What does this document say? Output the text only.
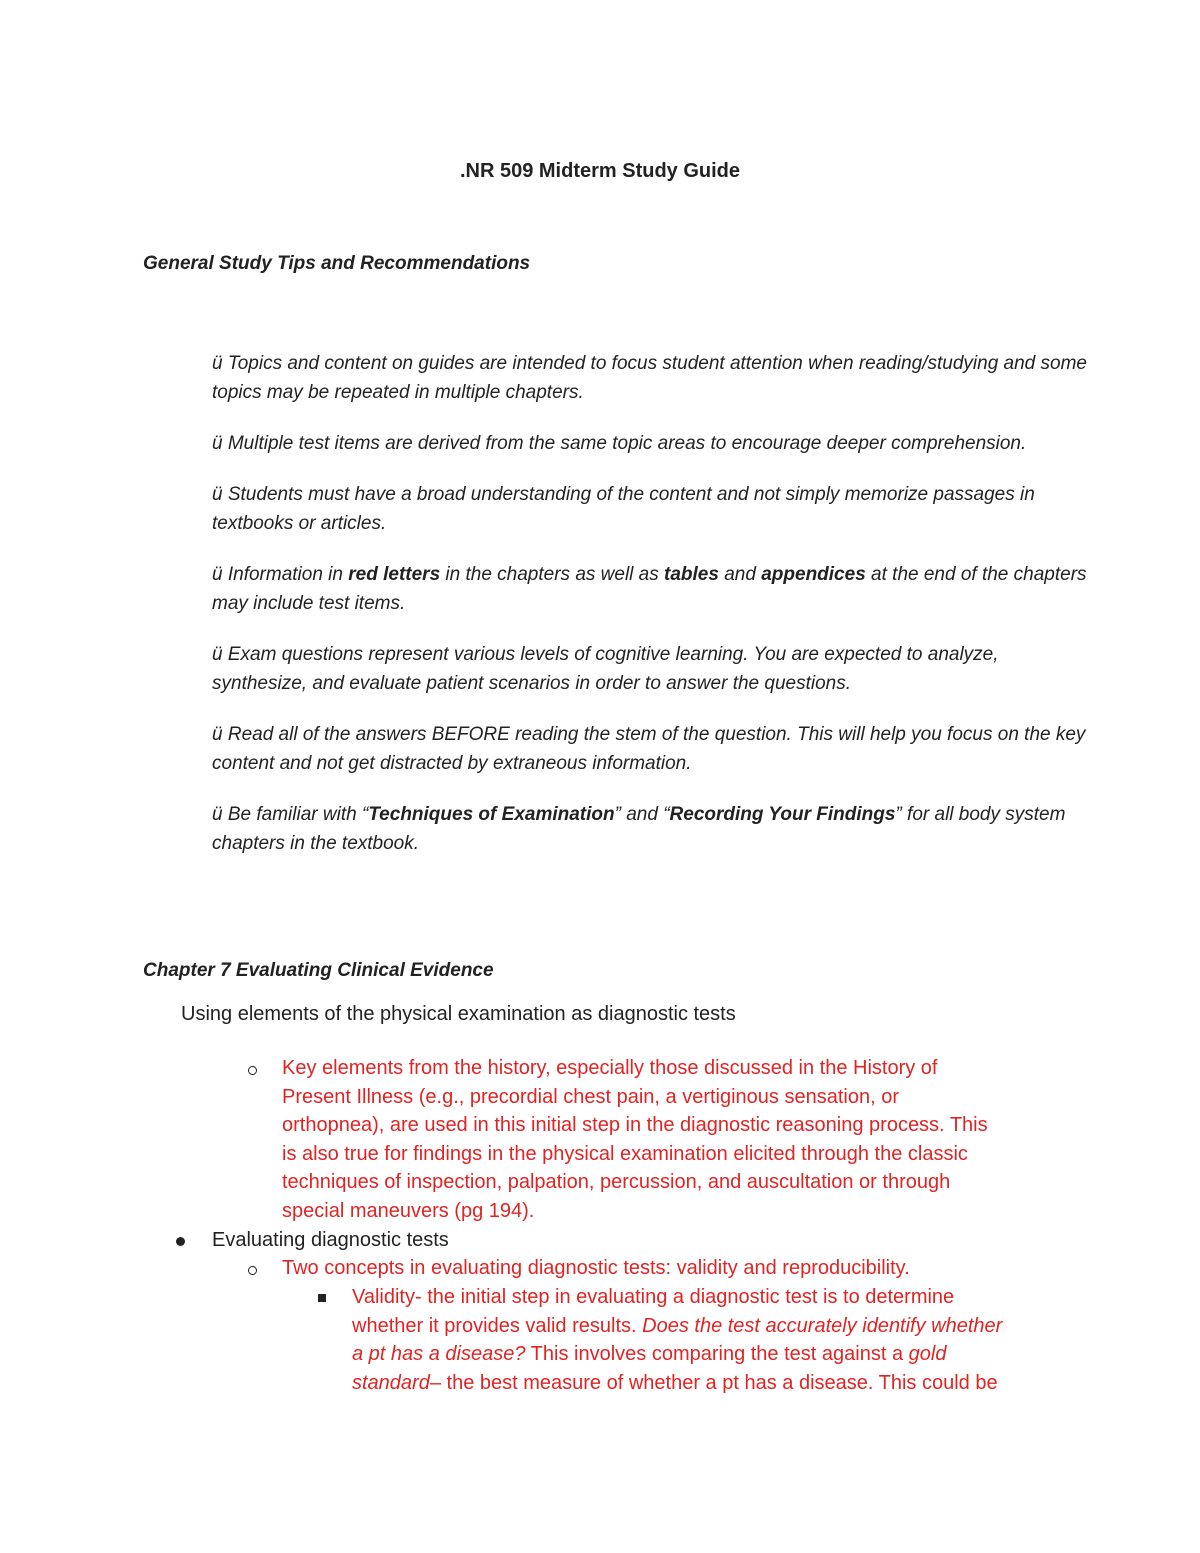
.NR 509 Midterm Study Guide
General Study Tips and Recommendations

ü Topics and content on guides are intended to focus student attention when reading/studying and some topics may be repeated in multiple chapters.

ü Multiple test items are derived from the same topic areas to encourage deeper comprehension.

ü Students must have a broad understanding of the content and not simply memorize passages in textbooks or articles.

ü Information in red letters in the chapters as well as tables and appendices at the end of the chapters may include test items.

ü Exam questions represent various levels of cognitive learning. You are expected to analyze, synthesize, and evaluate patient scenarios in order to answer the questions.

ü Read all of the answers BEFORE reading the stem of the question. This will help you focus on the key content and not get distracted by extraneous information.

ü Be familiar with “Techniques of Examination” and “Recording Your Findings” for all body system chapters in the textbook.

Chapter 7 Evaluating Clinical Evidence
Using elements of the physical examination as diagnostic tests
Key elements from the history, especially those discussed in the History of
Present Illness (e.g., precordial chest pain, a vertiginous sensation, or
orthopnea), are used in this initial step in the diagnostic reasoning process. This
is also true for findings in the physical examination elicited through the classic
techniques of inspection, palpation, percussion, and auscultation or through
special maneuvers (pg 194).
Evaluating diagnostic tests
Two concepts in evaluating diagnostic tests: validity and reproducibility.
Validity- the initial step in evaluating a diagnostic test is to determine
whether it provides valid results. Does the test accurately identify whether
a pt has a disease? This involves comparing the test against a gold
standard– the best measure of whether a pt has a disease. This could be
